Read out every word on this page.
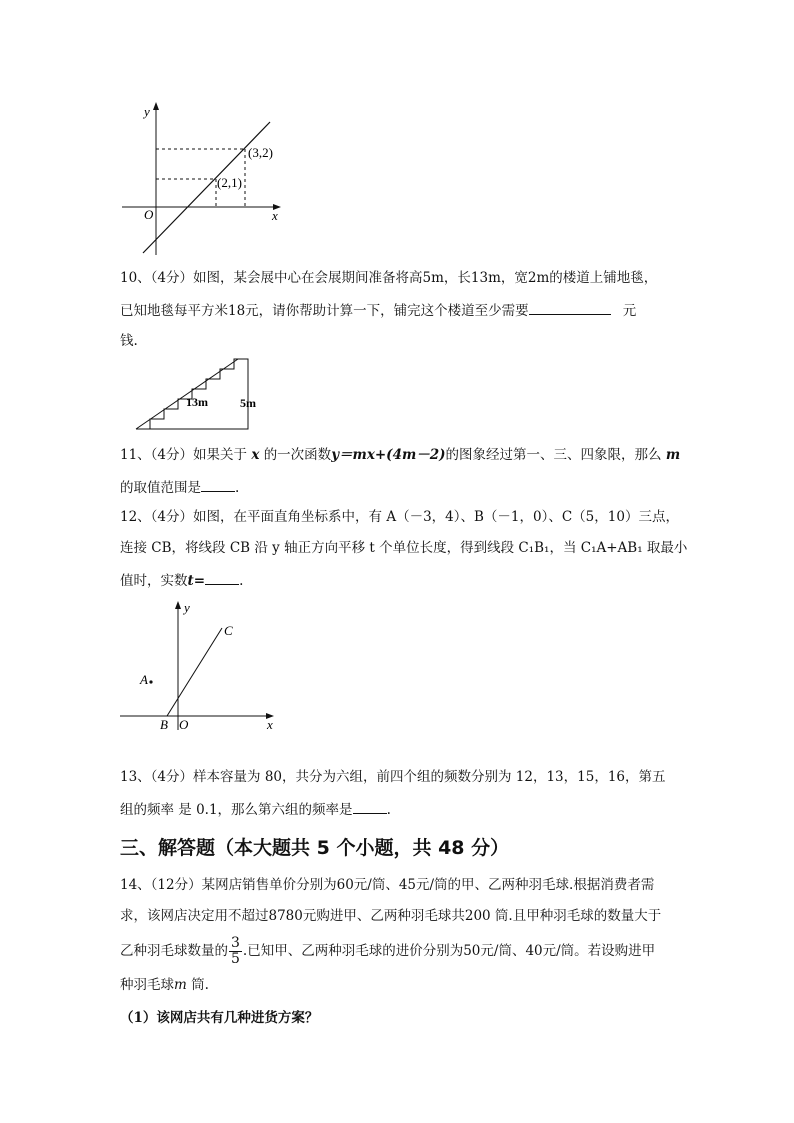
y
x
O
(2,1)
(3,2)
10、（4分）如图，某会展中心在会展期间准备将高5m，长13m，宽2m的楼道上铺地毯，
已知地毯每平方米18元，请你帮助计算一下，铺完这个楼道至少需要	元
钱.
13m	5m
11、（4分）如果关于 x 的一次函数y＝mx+(4m－2)的图象经过第一、三、四象限，那么 m
的取值范围是	.
12、（4分）如图，在平面直角坐标系中，有 A（－3，4）、B（－1，0）、C（5，10）三点，
连接 CB，将线段 CB 沿 y 轴正方向平移 t 个单位长度，得到线段 C₁B₁，当 C₁A+AB₁ 取最小
值时，实数t=	.
y
x
O
A
B
C
13、（4分）样本容量为 80，共分为六组，前四个组的频数分别为 12，13，15，16，第五
组的频率 是 0.1，那么第六组的频率是	.
三、解答题（本大题共 5 个小题，共 48 分）
14、（12分）某网店销售单价分别为60元/筒、45元/筒的甲、乙两种羽毛球.根据消费者需
求，该网店决定用不超过8780元购进甲、乙两种羽毛球共200 筒.且甲种羽毛球的数量大于
乙种羽毛球数量的 $\frac{3}{5}$ .已知甲、乙两种羽毛球的进价分别为50元/筒、40元/筒。若设购进甲
种羽毛球m 筒.
（1）该网店共有几种进货方案？
